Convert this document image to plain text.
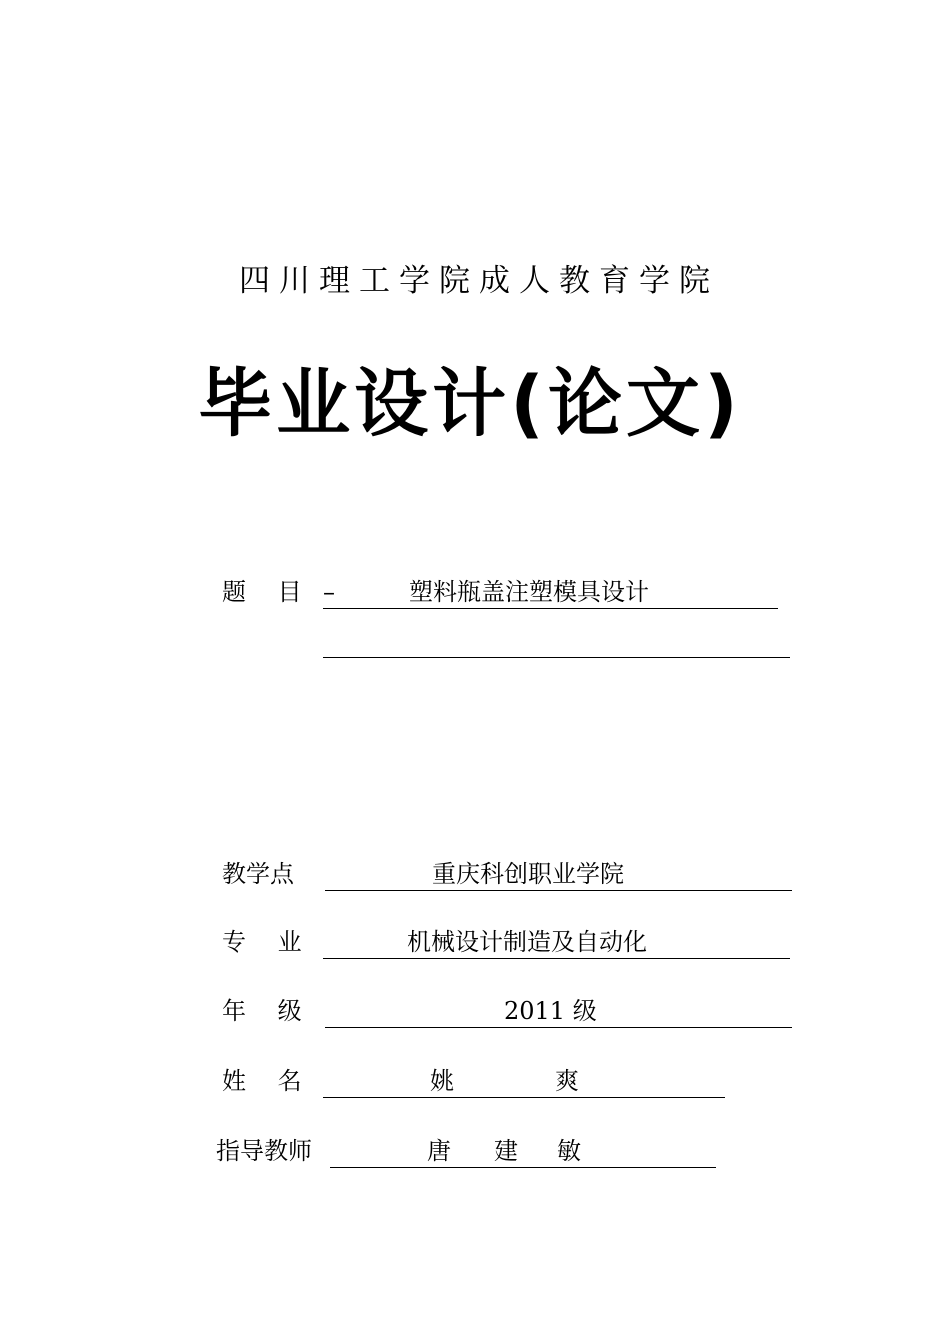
四川理工学院成人教育学院
毕业设计(论文)
题　 目 –	塑料瓶盖注塑模具设计
教学点	重庆科创职业学院
专　 业	机械设计制造及自动化
年　 级	2011 级
姓　 名	姚	爽
指导教师	唐 建 敏
